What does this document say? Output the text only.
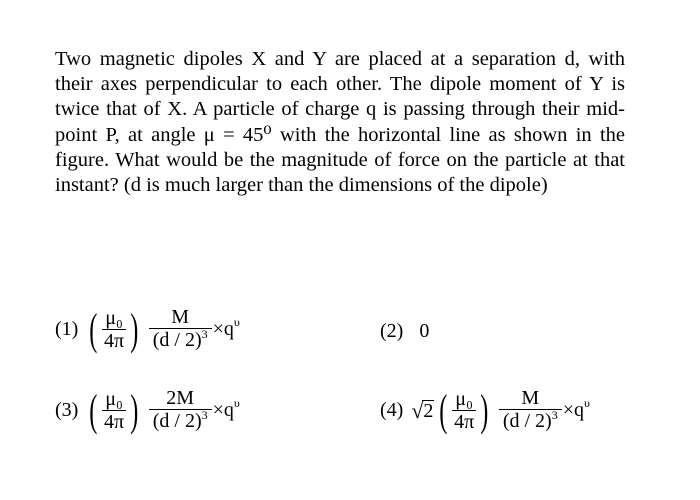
Two magnetic dipoles X and Y are placed at a separation d, with their axes perpendicular to each other. The dipole moment of Y is twice that of X. A particle of charge q is passing through their mid-point P, at angle μ = 45⁰ with the horizontal line as shown in the figure. What would be the magnitude of force on the particle at that instant? (d is much larger than the dimensions of the dipole)
(1) ( $\frac{\text{μ₀}}{4\pi}$ ) $\frac{M}{(d / 2)^3} \times q^\upsilon$	(2) 0
(3) ( $\frac{\text{μ₀}}{4\pi}$ ) $\frac{2M}{(d / 2)^3} \times q^\upsilon$	(4) √ 2 ( $\frac{\text{μ₀}}{4\pi}$ ) $\frac{M}{(d / 2)^3} \times q^\upsilon$
